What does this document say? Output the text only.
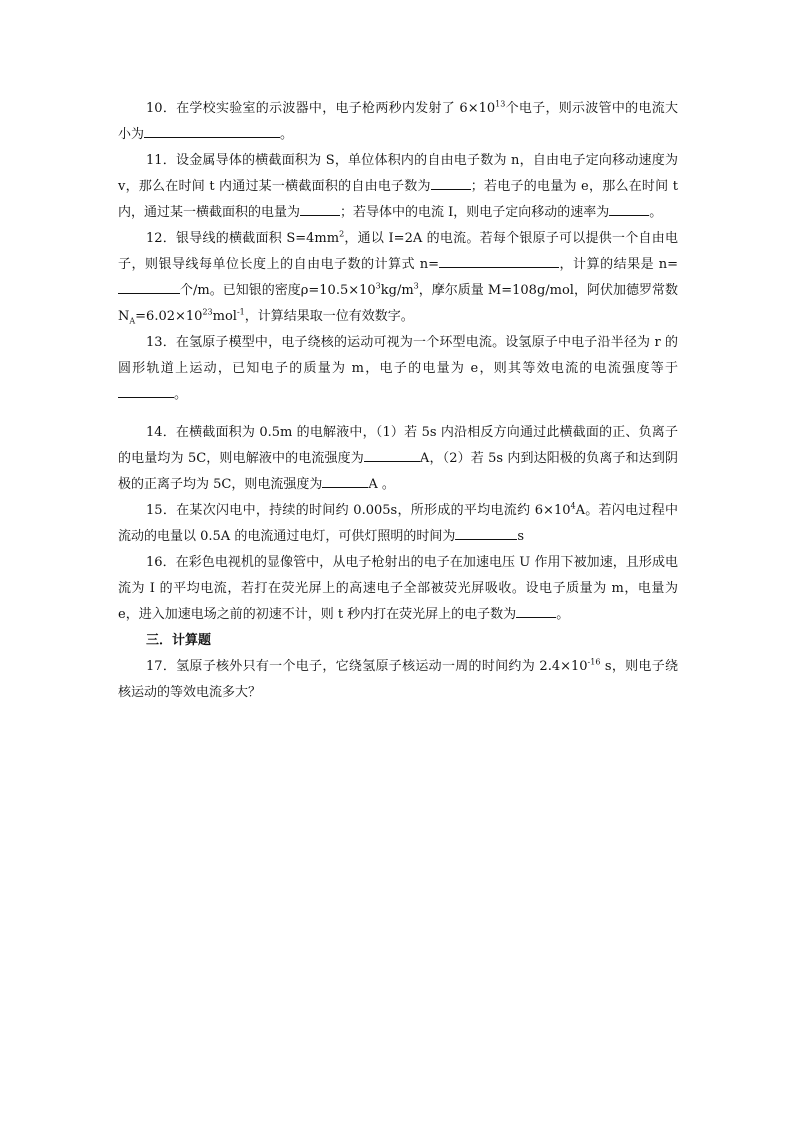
10．在学校实验室的示波器中，电子枪两秒内发射了 $6\times 10^{13}$个电子，则示波管中的电流大小为	。

11．设金属导体的横截面积为 S，单位体积内的自由电子数为 n，自由电子定向移动速度为 v，那么在时间 t 内通过某一横截面积的自由电子数为	；若电子的电量为 e，那么在时间 t 内，通过某一横截面积的电量为	；若导体中的电流 I，则电子定向移动的速率为	。

12．银导线的横截面积 $S=4mm^2$，通以 I=2A 的电流。若每个银原子可以提供一个自由电子，则银导线每单位长度上的自由电子数的计算式 n=	，计算的结果是 n=个/m。已知银的密度$\rho=10.5\times 10^3kg/m^3$，摩尔质量 M=108g/mol，阿伏加德罗常数 $N_A=6.02\times 10^{23}mol^{-1}$，计算结果取一位有效数字。

13．在氢原子模型中，电子绕核的运动可视为一个环型电流。设氢原子中电子沿半径为 r 的圆形轨道上运动，已知电子的质量为 m，电子的电量为 e，则其等效电流的电流强度等于。

14．在横截面积为 0.5m 的电解液中，（1）若 5s 内沿相反方向通过此横截面的正、负离子的电量均为 5C，则电解液中的电流强度为	A，（2）若 5s 内到达阳极的负离子和达到阴极的正离子均为 5C，则电流强度为	A 。

15．在某次闪电中，持续的时间约 0.005s，所形成的平均电流约 $6\times 10^4A$。若闪电过程中流动的电量以 0.5A 的电流通过电灯，可供灯照明的时间为	s

16．在彩色电视机的显像管中，从电子枪射出的电子在加速电压 U 作用下被加速，且形成电流为 I 的平均电流，若打在荧光屏上的高速电子全部被荧光屏吸收。设电子质量为 m，电量为 e，进入加速电场之前的初速不计，则 t 秒内打在荧光屏上的电子数为	。

三．计算题

17．氢原子核外只有一个电子，它绕氢原子核运动一周的时间约为 $2.4\times 10^{-16}$ s，则电子绕核运动的等效电流多大？
